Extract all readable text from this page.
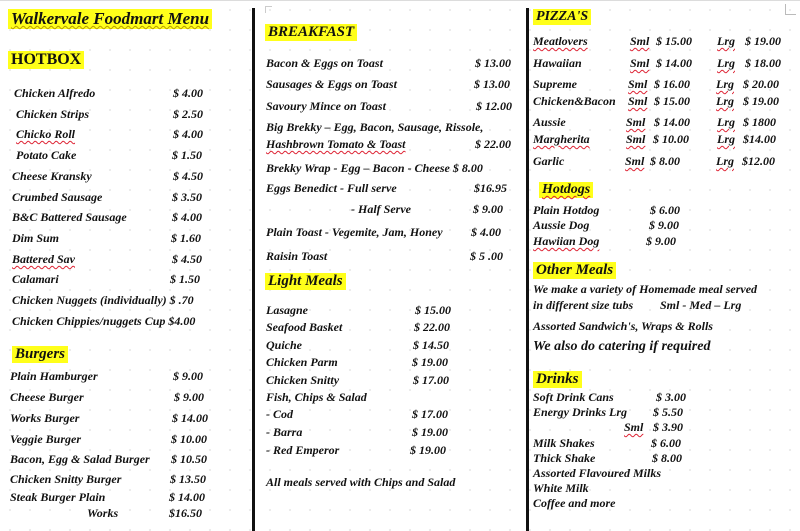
Walkervale Foodmart Menu
HOTBOX
Chicken Alfredo	$ 4.00
Chicken Strips	$ 2.50
Chicko Roll	$ 4.00
Potato Cake	$ 1.50
Cheese Kransky	$ 4.50
Crumbed Sausage	$ 3.50
B&C Battered Sausage	$ 4.00
Dim Sum	$ 1.60
Battered Sav	$ 4.50
Calamari	$ 1.50
Chicken Nuggets (individually) $ .70
Chicken Chippies/nuggets Cup $4.00
Burgers
Plain Hamburger	$ 9.00
Cheese Burger	$ 9.00
Works Burger	$ 14.00
Veggie Burger	$ 10.00
Bacon, Egg & Salad Burger $ 10.50
Chicken Snitty Burger	$ 13.50
Steak Burger Plain	$ 14.00
Works	$16.50
BREAKFAST
Bacon & Eggs on Toast	$ 13.00
Sausages & Eggs on Toast	$ 13.00
Savoury Mince on Toast	$ 12.00
Big Brekky – Egg, Bacon, Sausage, Rissole,
Hashbrown Tomato & Toast	$ 22.00
Brekky Wrap - Egg – Bacon - Cheese $ 8.00
Eggs Benedict - Full serve	$16.95
- Half Serve	$ 9.00
Plain Toast - Vegemite, Jam, Honey $ 4.00
Raisin Toast	$ 5 .00
Light Meals
Lasagne	$ 15.00
Seafood Basket	$ 22.00
Quiche	$ 14.50
Chicken Parm	$ 19.00
Chicken Snitty	$ 17.00
Fish, Chips & Salad
- Cod	$ 17.00
- Barra	$ 19.00
- Red Emperor	$ 19.00
All meals served with Chips and Salad
PIZZA'S
Meatlovers	Sml $ 15.00 Lrg $ 19.00
Hawaiian	Sml $ 14.00 Lrg $ 18.00
Supreme	Sml $ 16.00 Lrg $ 20.00
Chicken&Bacon Sml $ 15.00 Lrg $ 19.00
Aussie	Sml $ 14.00 Lrg $ 1800
Margherita	Sml $ 10.00 Lrg $14.00
Garlic	Sml $ 8.00	Lrg $12.00
Hotdogs
Plain Hotdog	$ 6.00
Aussie Dog	$ 9.00
Hawiian Dog	$ 9.00
Other Meals
We make a variety of Homemade meal served
in different size tubs Sml - Med – Lrg
Assorted Sandwich's, Wraps & Rolls
We also do catering if required
Drinks
Soft Drink Cans	$ 3.00
Energy Drinks Lrg $ 5.50
Sml $ 3.90
Milk Shakes	$ 6.00
Thick Shake	$ 8.00
Assorted Flavoured Milks
White Milk
Coffee and more
